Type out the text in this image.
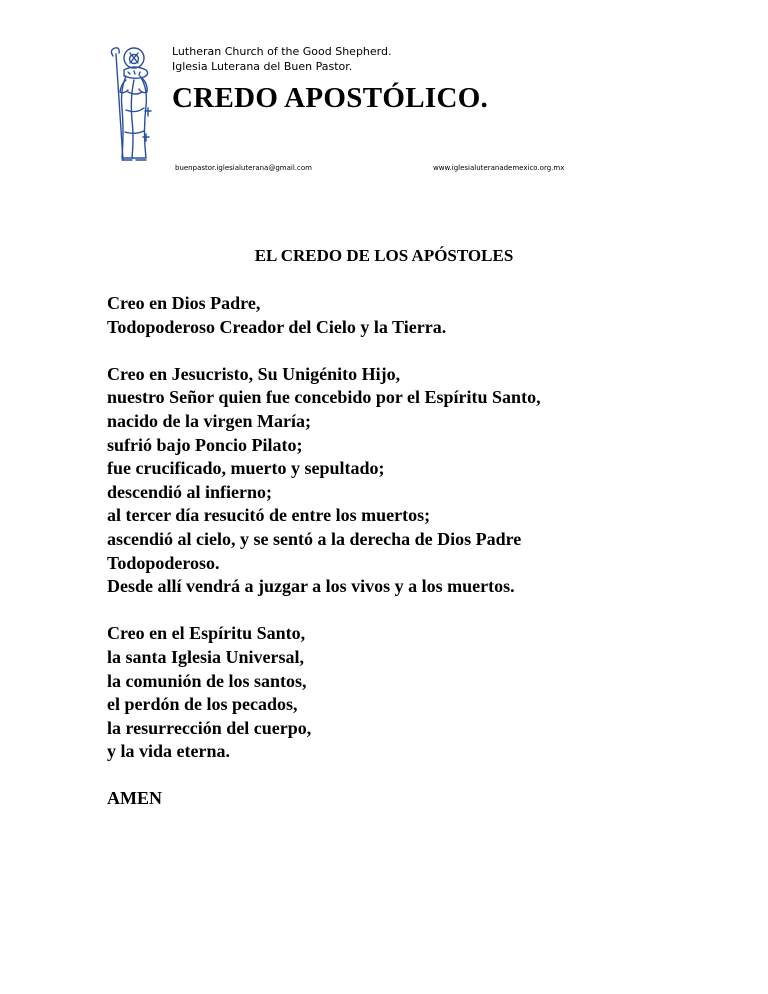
Lutheran Church of the Good Shepherd.
Iglesia Luterana del Buen Pastor.
CREDO APOSTÓLICO.
buenpastor.iglesialuterana@gmail.com	www.iglesialuteranademexico.org.mx
EL CREDO DE LOS APÓSTOLES

Creo en Dios Padre,
Todopoderoso Creador del Cielo y la Tierra.

Creo en Jesucristo, Su Unigénito Hijo,
nuestro Señor quien fue concebido por el Espíritu Santo,
nacido de la virgen María;
sufrió bajo Poncio Pilato;
fue crucificado, muerto y sepultado;
descendió al infierno;
al tercer día resucitó de entre los muertos;
ascendió al cielo, y se sentó a la derecha de Dios Padre
Todopoderoso.
Desde allí vendrá a juzgar a los vivos y a los muertos.

Creo en el Espíritu Santo,
la santa Iglesia Universal,
la comunión de los santos,
el perdón de los pecados,
la resurrección del cuerpo,
y la vida eterna.

AMEN
